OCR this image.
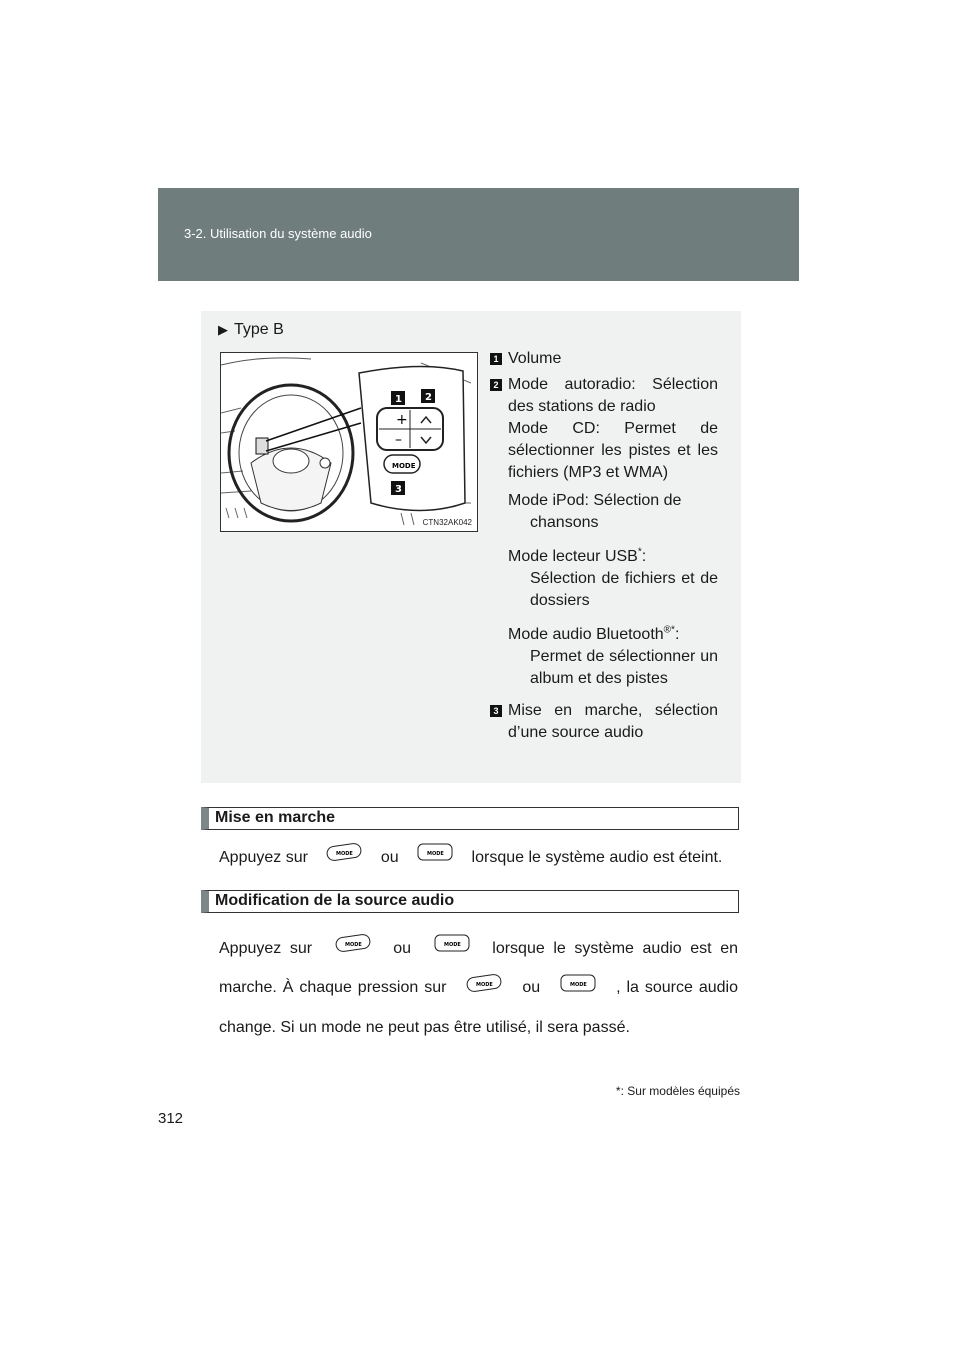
3-2. Utilisation du système audio
▶ Type B
+
–
MODE
1 2
3
CTN32AK042
1 Volume
2 Mode autoradio: Sélection des stations de radio
Mode CD: Permet de sélectionner les pistes et les fichiers (MP3 et WMA)
Mode iPod: Sélection de
chansons
Mode lecteur USB*:
Sélection de fichiers et de dossiers
Mode audio Bluetooth®*:
Permet de sélectionner un album et des pistes
3 Mise en marche, sélection d’une source audio
Mise en marche
Appuyez sur	MODE ou	MODE lorsque le système audio est éteint.
Modification de la source audio
Appuyez sur	MODE ou	MODE lorsque le système audio est en marche. À chaque pression sur	MODE ou	MODE , la source audio change. Si un mode ne peut pas être utilisé, il sera passé.
*: Sur modèles équipés
312
